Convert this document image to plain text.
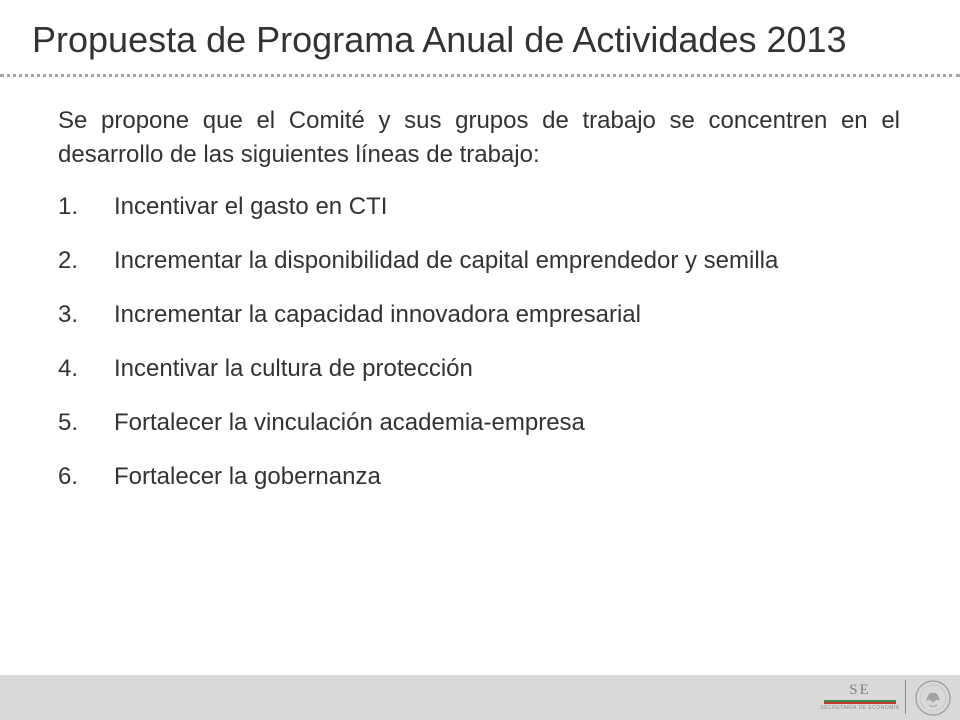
Propuesta de Programa Anual de Actividades 2013

Se propone que el Comité y sus grupos de trabajo se concentren en el desarrollo de las siguientes líneas de trabajo:

1.	Incentivar el gasto en CTI
2.	Incrementar la disponibilidad de capital emprendedor y semilla
3.	Incrementar la capacidad innovadora empresarial
4.	Incentivar la cultura de protección
5.	Fortalecer la vinculación academia-empresa
6.	Fortalecer la gobernanza
SE
SECRETARÍA DE ECONOMÍA
